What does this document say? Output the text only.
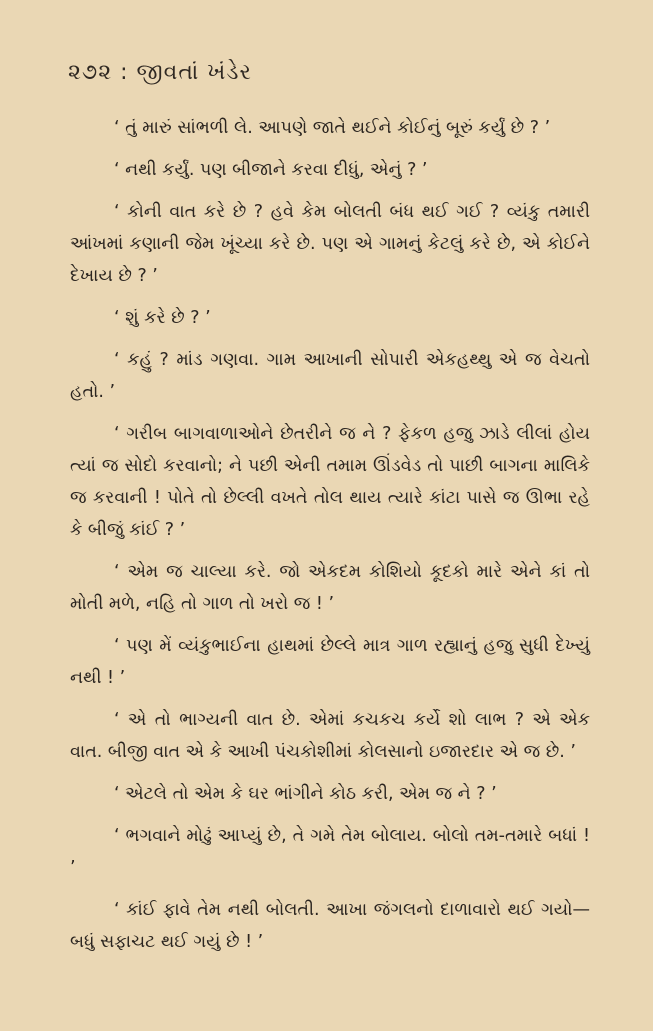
૨૭૨ : જીવતાં ખંડેર

‘ તું મારું સાંભળી લે. આપણે જાતે થઈને કોઈનું બૂરું કર્યું છે ? ’

‘ નથી કર્યું. પણ બીજાને કરવા દીધું, એનું ? ’

‘ કોની વાત કરે છે ? હવે કેમ બોલતી બંધ થઈ ગઈ ? વ્યંકુ તમારી આંખમાં કણાની જેમ ખૂંચ્યા કરે છે. પણ એ ગામનું કેટલું કરે છે, એ કોઈને દેખાય છે ? ’

‘ શું કરે છે ? ’

‘ કહું ? માંડ ગણવા. ગામ આખાની સોપારી એકહથ્થુ એ જ વેચતો હતો. ’

‘ ગરીબ બાગવાળાઓને છેતરીને જ ને ? ફેકળ હજુ ઝાડે લીલાં હોય ત્યાં જ સોદો કરવાનો; ને પછી એની તમામ ઊંડવેડ તો પાછી બાગના માલિકે જ કરવાની ! પોતે તો છેલ્લી વખતે તોલ થાય ત્યારે કાંટા પાસે જ ઊભા રહે કે બીજું કાંઈ ? ’

‘ એમ જ ચાલ્યા કરે. જો એકદમ કોશિયો કૂદકો મારે એને કાં તો મોતી મળે, નહિ તો ગાળ તો ખરો જ ! ’

‘ પણ મેં વ્યંકુભાઈના હાથમાં છેલ્લે માત્ર ગાળ રહ્યાનું હજુ સુધી દેખ્યું નથી ! ’

‘ એ તો ભાગ્યની વાત છે. એમાં કચકચ કર્યે શો લાભ ? એ એક વાત. બીજી વાત એ કે આખી પંચકોશીમાં કોલસાનો ઇજારદાર એ જ છે. ’

‘ એટલે તો એમ કે ઘર ભાંગીને કોઠ કરી, એમ જ ને ? ’

‘ ભગવાને મોઢું આપ્યું છે, તે ગમે તેમ બોલાય. બોલો તમ-તમારે બધાં ! ’

‘ કાંઈ ફાવે તેમ નથી બોલતી. આખા જંગલનો દાળાવારો થઈ ગયો—બધું સફાચટ થઈ ગયું છે ! ’
